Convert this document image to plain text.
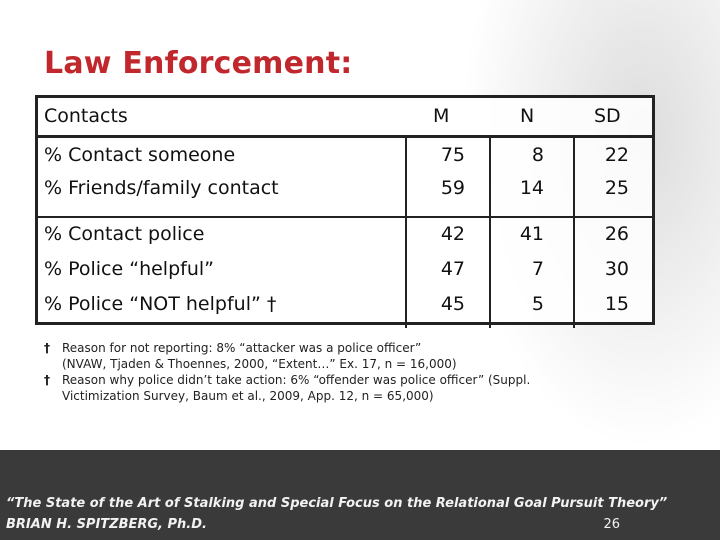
Law Enforcement:
Contacts	M	N	SD
% Contact someone	75	8	22
% Friends/family contact	59	14	25
% Contact police	42	41	26
% Police “helpful”	47	7	30
% Police “NOT helpful” †	45	5	15
† Reason for not reporting: 8% “attacker was a police officer”
(NVAW, Tjaden & Thoennes, 2000, “Extent…” Ex. 17, n = 16,000)
† Reason why police didn’t take action: 6% “offender was police officer” (Suppl.
Victimization Survey, Baum et al., 2009, App. 12, n = 65,000)
“The State of the Art of Stalking and Special Focus on the Relational Goal Pursuit Theory”
BRIAN H. SPITZBERG, Ph.D.	26
